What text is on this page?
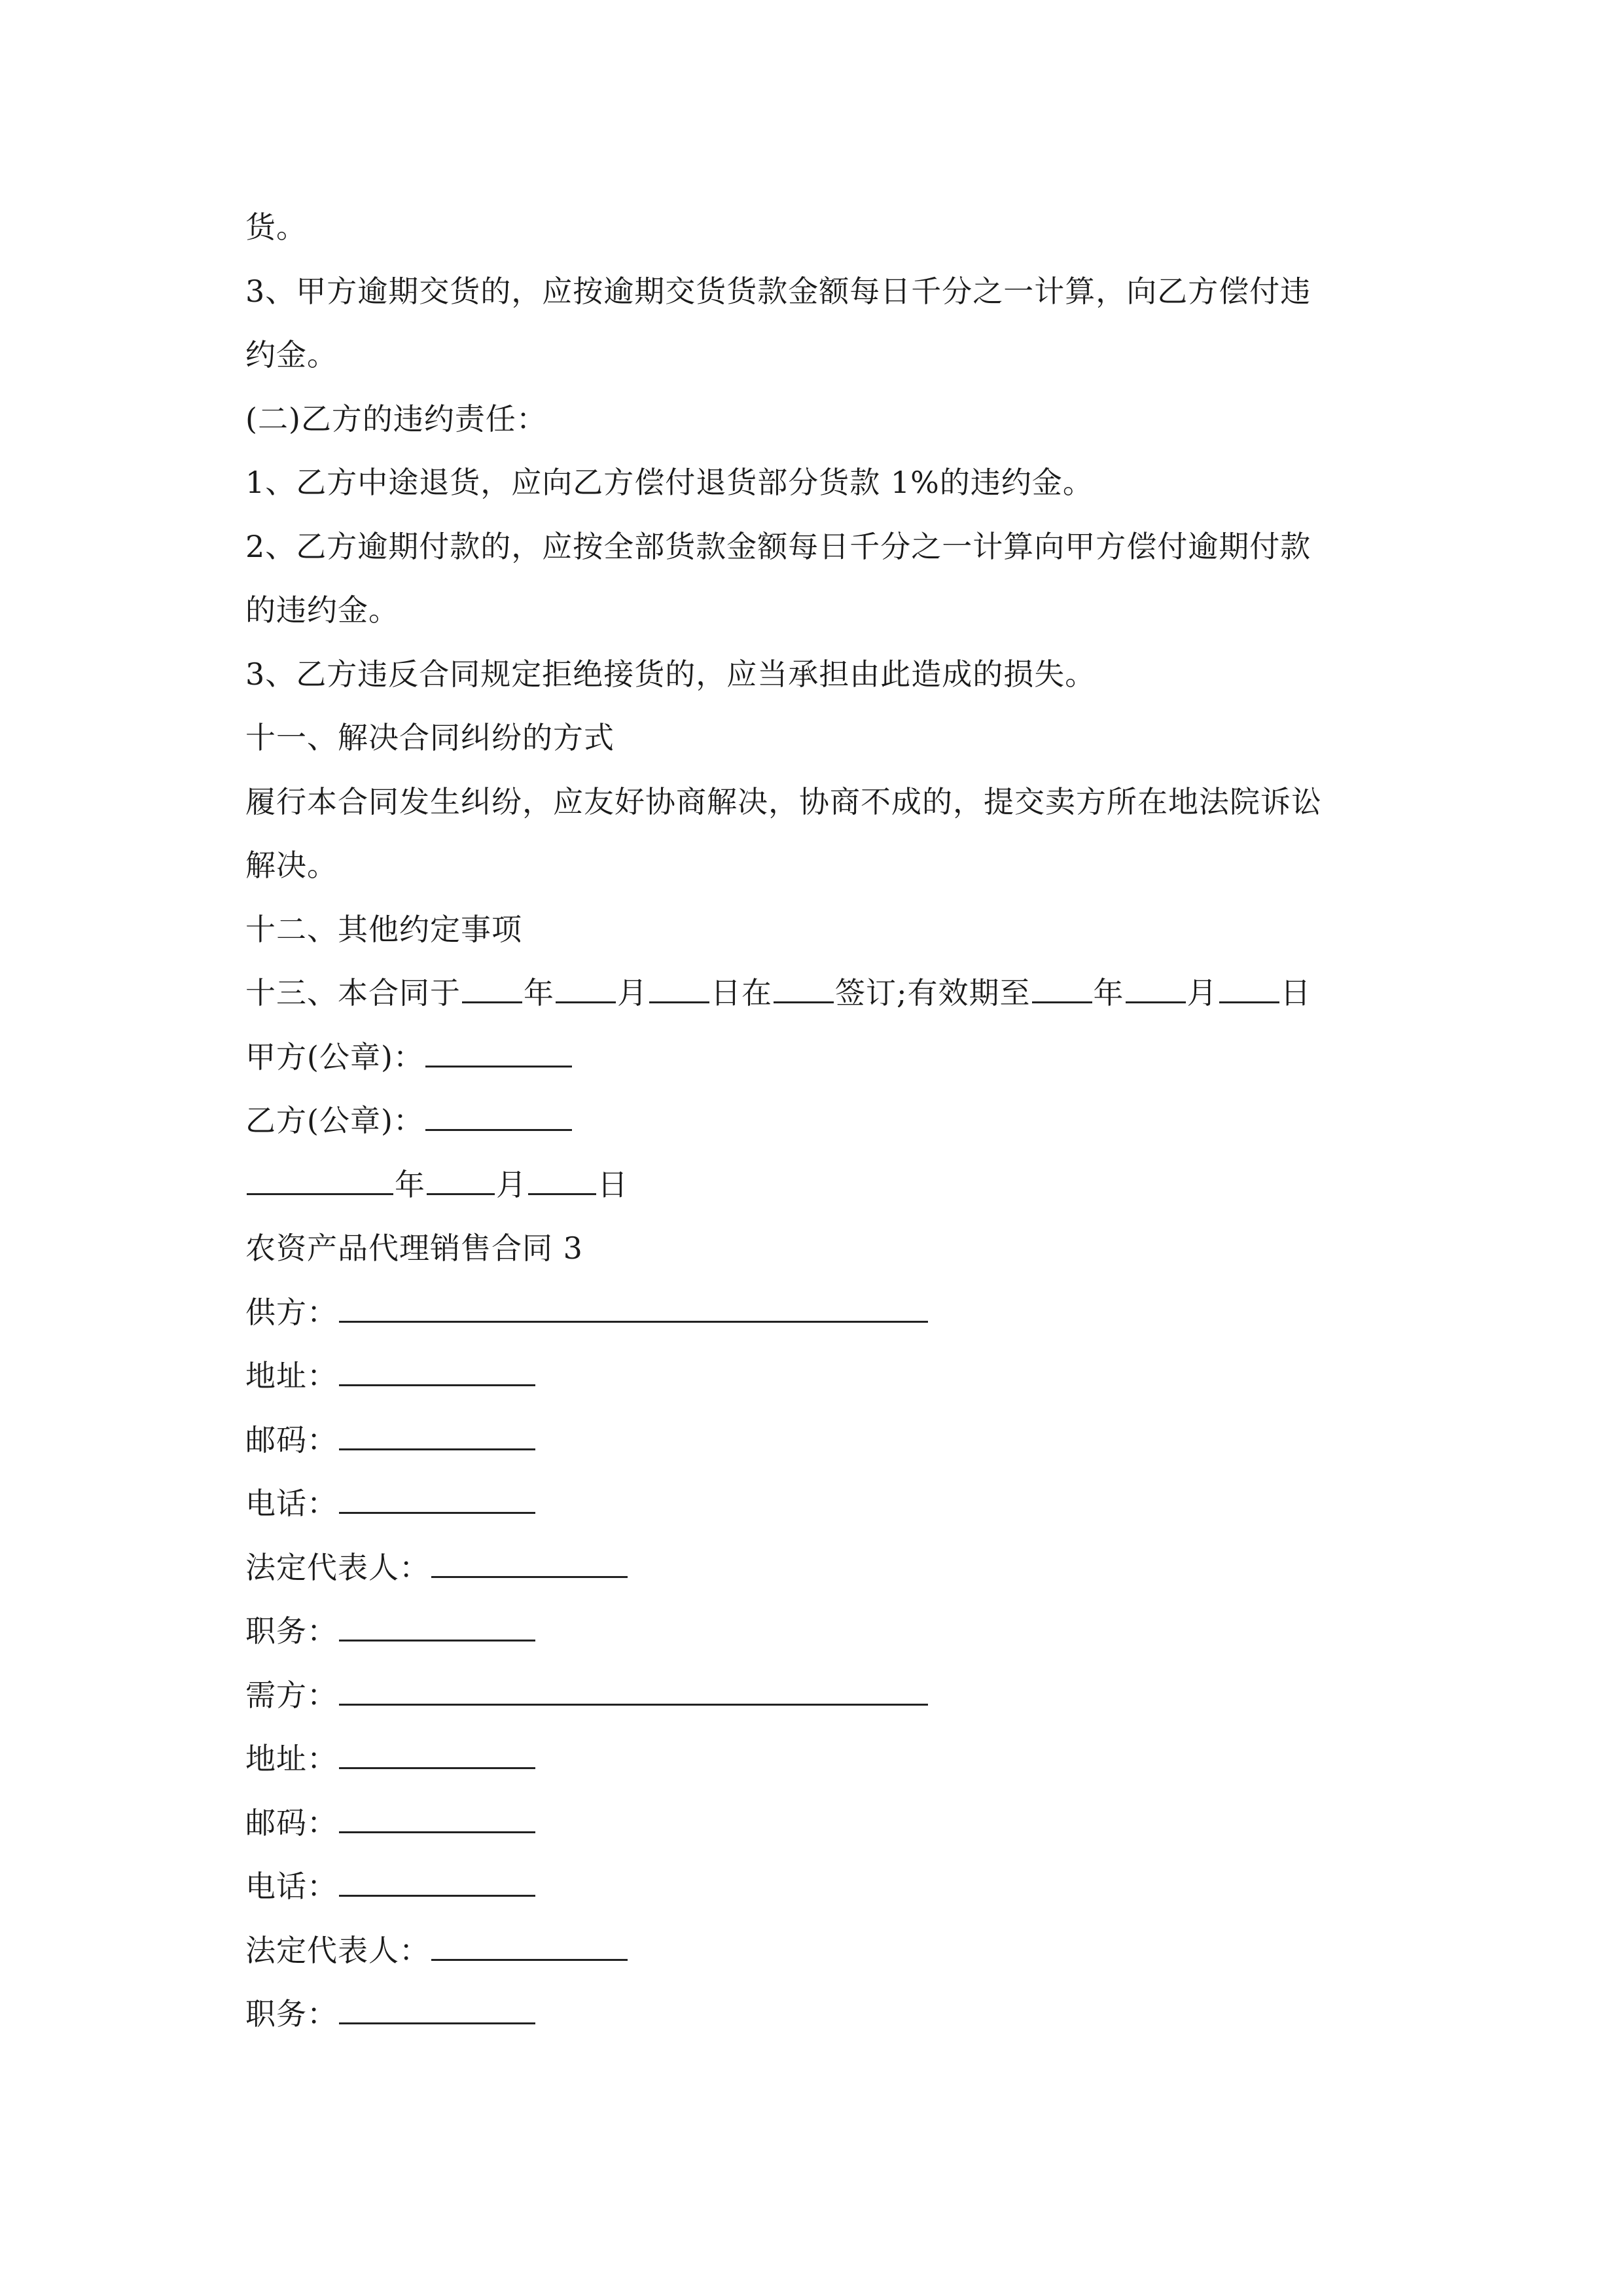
货。
3、甲方逾期交货的，应按逾期交货货款金额每日千分之一计算，向乙方偿付违
约金。
(二)乙方的违约责任：
1、乙方中途退货，应向乙方偿付退货部分货款 1%的违约金。
2、乙方逾期付款的，应按全部货款金额每日千分之一计算向甲方偿付逾期付款
的违约金。
3、乙方违反合同规定拒绝接货的，应当承担由此造成的损失。
十一、解决合同纠纷的方式
履行本合同发生纠纷，应友好协商解决，协商不成的，提交卖方所在地法院诉讼
解决。
十二、其他约定事项
十三、本合同于 年 月 日在 签订;有效期至 年 月 日
甲方(公章)：
乙方(公章)：
年 月 日
农资产品代理销售合同 3
供方：
地址：
邮码：
电话：
法定代表人：
职务：
需方：
地址：
邮码：
电话：
法定代表人：
职务：
